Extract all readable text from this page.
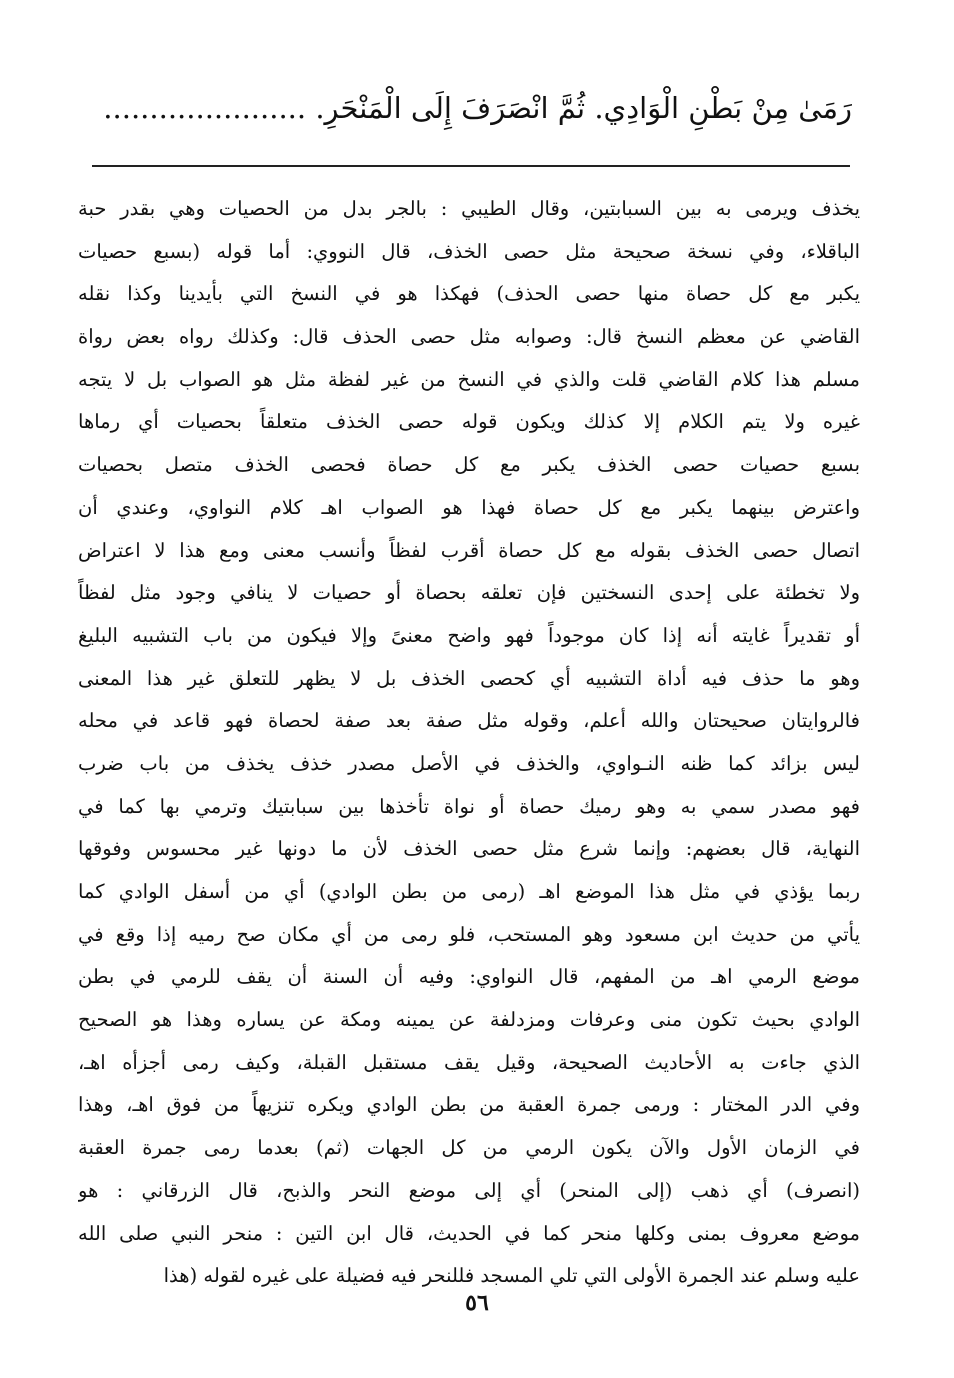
رَمَىٰ مِنْ بَطْنِ الْوَادِي. ثُمَّ انْصَرَفَ إِلَى الْمَنْحَرِ. ......................
يخذف ويرمى به بين السبابتين، وقال الطيبي : بالجر بدل من الحصيات وهي بقدر حبة
الباقلاء، وفي نسخة صحيحة مثل حصى الخذف، قال النووي: أما قوله (بسبع حصيات
يكبر مع كل حصاة منها حصى الحذف) فهكذا هو في النسخ التي بأيدينا وكذا نقله
القاضي عن معظم النسخ قال: وصوابه مثل حصى الحذف قال: وكذلك رواه بعض رواة
مسلم هذا كلام القاضي قلت والذي في النسخ من غير لفظة مثل هو الصواب بل لا يتجه
غيره ولا يتم الكلام إلا كذلك ويكون قوله حصى الخذف متعلقاً بحصيات أي رماها
بسبع حصيات حصى الخذف يكبر مع كل حصاة فحصى الخذف متصل بحصيات
واعترض بينهما يكبر مع كل حصاة فهذا هو الصواب اهـ كلام النواوي، وعندي أن
اتصال حصى الخذف بقوله مع كل حصاة أقرب لفظاً وأنسب معنى ومع هذا لا اعتراض
ولا تخطئة على إحدى النسختين فإن تعلقه بحصاة أو حصيات لا ينافي وجود مثل لفظاً
أو تقديراً غايته أنه إذا كان موجوداً فهو واضح معنىً وإلا فيكون من باب التشبيه البليغ
وهو ما حذف فيه أداة التشبيه أي كحصى الخذف بل لا يظهر للتعلق غير هذا المعنى
فالروايتان صحيحتان والله أعلم، وقوله مثل صفة بعد صفة لحصاة فهو قاعد في محله
ليس بزائد كما ظنه النـواوي، والخذف في الأصل مصدر خذف يخذف من باب ضرب
فهو مصدر سمي به وهو رميك حصاة أو نواة تأخذها بين سبابتيك وترمي بها كما في
النهاية، قال بعضهم: وإنما شرع مثل حصى الخذف لأن ما دونها غير محسوس وفوقها
ربما يؤذي في مثل هذا الموضع اهـ (رمى من بطن الوادي) أي من أسفل الوادي كما
يأتي من حديث ابن مسعود وهو المستحب، فلو رمى من أي مكان صح رميه إذا وقع في
موضع الرمي اهـ من المفهم، قال النواوي: وفيه أن السنة أن يقف للرمي في بطن
الوادي بحيث تكون منى وعرفات ومزدلفة عن يمينه ومكة عن يساره وهذا هو الصحيح
الذي جاءت به الأحاديث الصحيحة، وقيل يقف مستقبل القبلة، وكيف رمى أجزأه اهـ،
وفي الدر المختار : ورمى جمرة العقبة من بطن الوادي ويكره تنزيهاً من فوق اهـ، وهذا
في الزمان الأول والآن يكون الرمي من كل الجهات (ثم) بعدما رمى جمرة العقبة
(انصرف) أي ذهب (إلى المنحر) أي إلى موضع النحر والذبح، قال الزرقاني : هو
موضع معروف بمنى وكلها منحر كما في الحديث، قال ابن التين : منحر النبي صلى الله
عليه وسلم عند الجمرة الأولى التي تلي المسجد فللنحر فيه فضيلة على غيره لقوله (هذا
٥٦
